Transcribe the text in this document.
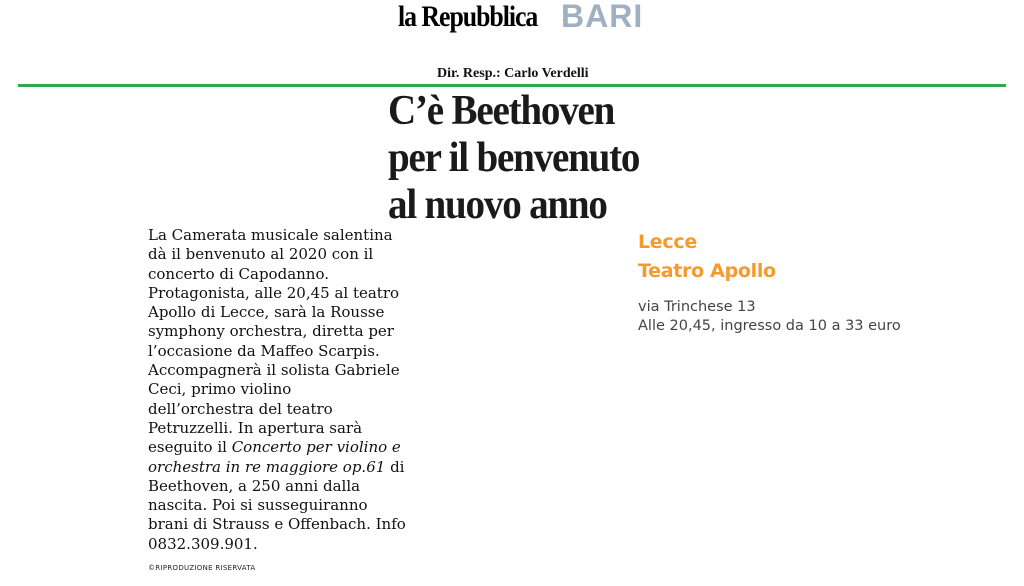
la Repubblica BARI
Dir. Resp.: Carlo Verdelli
C’è Beethoven
per il benvenuto
al nuovo anno
La Camerata musicale salentina
dà il benvenuto al 2020 con il
concerto di Capodanno.
Protagonista, alle 20,45 al teatro
Apollo di Lecce, sarà la Rousse
symphony orchestra, diretta per
l’occasione da Maffeo Scarpis.
Accompagnerà il solista Gabriele
Ceci, primo violino
dell’orchestra del teatro
Petruzzelli. In apertura sarà
eseguito il Concerto per violino e
orchestra in re maggiore op.61 di
Beethoven, a 250 anni dalla
nascita. Poi si susseguiranno
brani di Strauss e Offenbach. Info
0832.309.901.
©RIPRODUZIONE RISERVATA
Lecce
Teatro Apollo
via Trinchese 13
Alle 20,45, ingresso da 10 a 33 euro
